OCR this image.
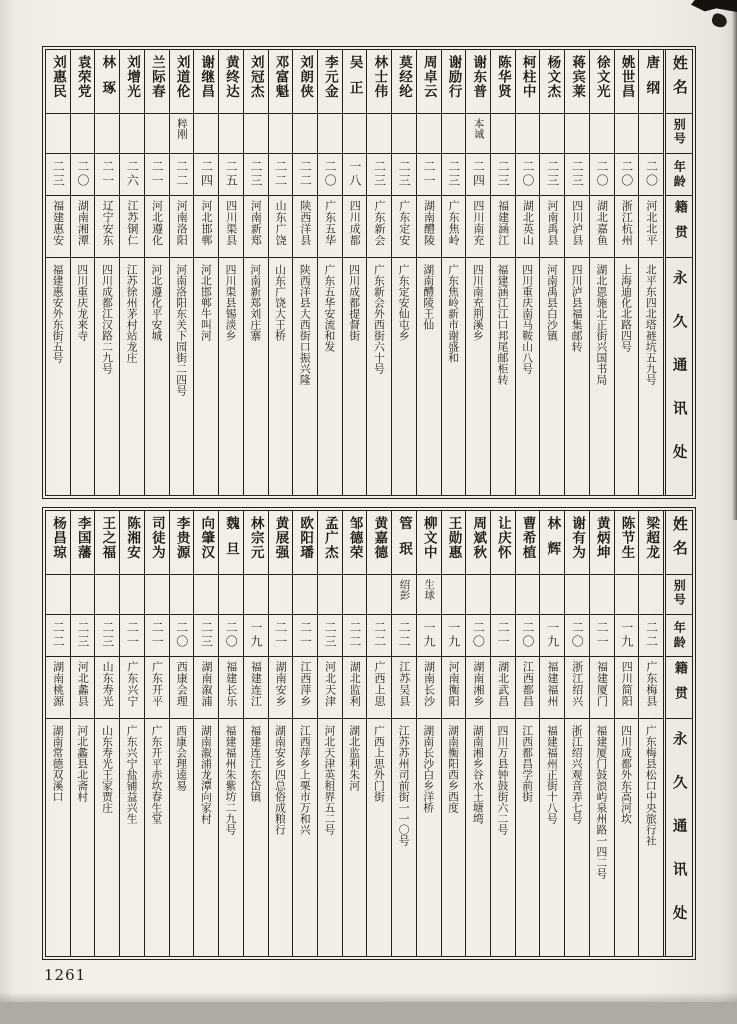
姓名
别号
年龄
籍贯
永久通讯处
唐纲
二〇
河北北平
北平东四北塔裢坑五九号
姚世昌
二〇
浙江杭州
上海迪化北路四号
徐文光
二〇
湖北嘉鱼
湖北恩施北正街兴国书局
蒋宾莱
二三
四川泸县
四川泸县福集邮转
杨文杰
二三
河南禹县
河南禹县白沙镇
柯柱中
二〇
湖北英山
四川重庆南马鞍山八号
陈华贤
二三
福建涵江
福建涵江江口邦尾邮柜转
谢东普
本诚
二四
四川南充
四川南充荆溪乡
谢励行
二三
广东焦岭
广东焦岭新市谢盛和
周卓云
二一
湖南醴陵
湖南醴陵王仙
莫经纶
二三
广东定安
广东定安仙屯乡
林士伟
二三
广东新会
广东新会外西街六十号
吴正
一八
四川成都
四川成都提督街
李元金
二〇
广东五华
广东五华安流和发
刘朗侠
二二
陕西洋县
陕西洋县大西街口振兴隆
邓富魁
二二
山东广饶
山东广饶大王桥
刘冠杰
二三
河南新郑
河南新郑刘庄寨
黄终达
二五
四川渠县
四川渠县锡淡乡
谢继昌
二四
河北邯郸
河北邯郸牛叫河
刘道伦
粹刚
二二
河南洛阳
河南洛阳东关下园街二四号
兰际春
二一
河北遵化
河北遵化平安城
刘增光
二六
江苏铜仁
江苏徐州茅村站龙庄
林琢
二一
辽宁安东
四川成都江汉路二九号
袁荣党
二〇
湖南湘潭
四川重庆龙来寺
刘惠民
二三
福建惠安
福建惠安外东街五号
姓名
别号
年龄
籍贯
永久通讯处
梁超龙
二二
广东梅县
广东梅县松口中央旅行社
陈节生
一九
四川简阳
四川成都外东高河坎
黄炳坤
二一
福建厦门
福建厦门鼓浪屿泉州路一四二号
谢有为
二〇
浙江绍兴
浙江绍兴观音弄七号
林辉
一九
福建福州
福建福州正街十八号
曹希植
二〇
江西都昌
江西都昌学前街
让庆怀
二一
湖北武昌
四川万县钟鼓街六二号
周斌秋
二〇
湖南湘乡
湖南湘乡谷水土塘塆
王勋惠
一九
河南衡阳
湖南衡阳西乡西度
柳文中
生球
一九
湖南长沙
湖南长沙白乡洋桥
管珉
绍彭
二二
江苏吴县
江苏苏州司前街一一〇号
黄嘉德
二二
广西上思
广西上思外门街
邹德荣
二二
湖北监利
湖北监利朱河
孟广杰
二三
河北天津
河北天津英租界五二号
欧阳璠
二一
江西萍乡
江西萍乡上栗市万和兴
黄展强
二一
湖南安乡
湖南安乡四总俗成粮行
林宗元
一九
福建连江
福建连江东岱镇
魏旦
二〇
福建长乐
福建福州朱紫坊二九号
向肇汉
二三
湖南溆浦
湖南溆浦龙潭向家村
李贵源
二〇
西康会理
西康会理逵易
司徒为
二一
广东开平
广东开平赤坎春生堂
陈湘安
二一
广东兴宁
广东兴宁盐铺益兴生
王之福
二三
山东寿光
山东寿光王家贾庄
李国藩
二三
河北蠡县
河北蠡县北斋村
杨昌琼
二二
湖南桃源
湖南常德双溪口
1261
